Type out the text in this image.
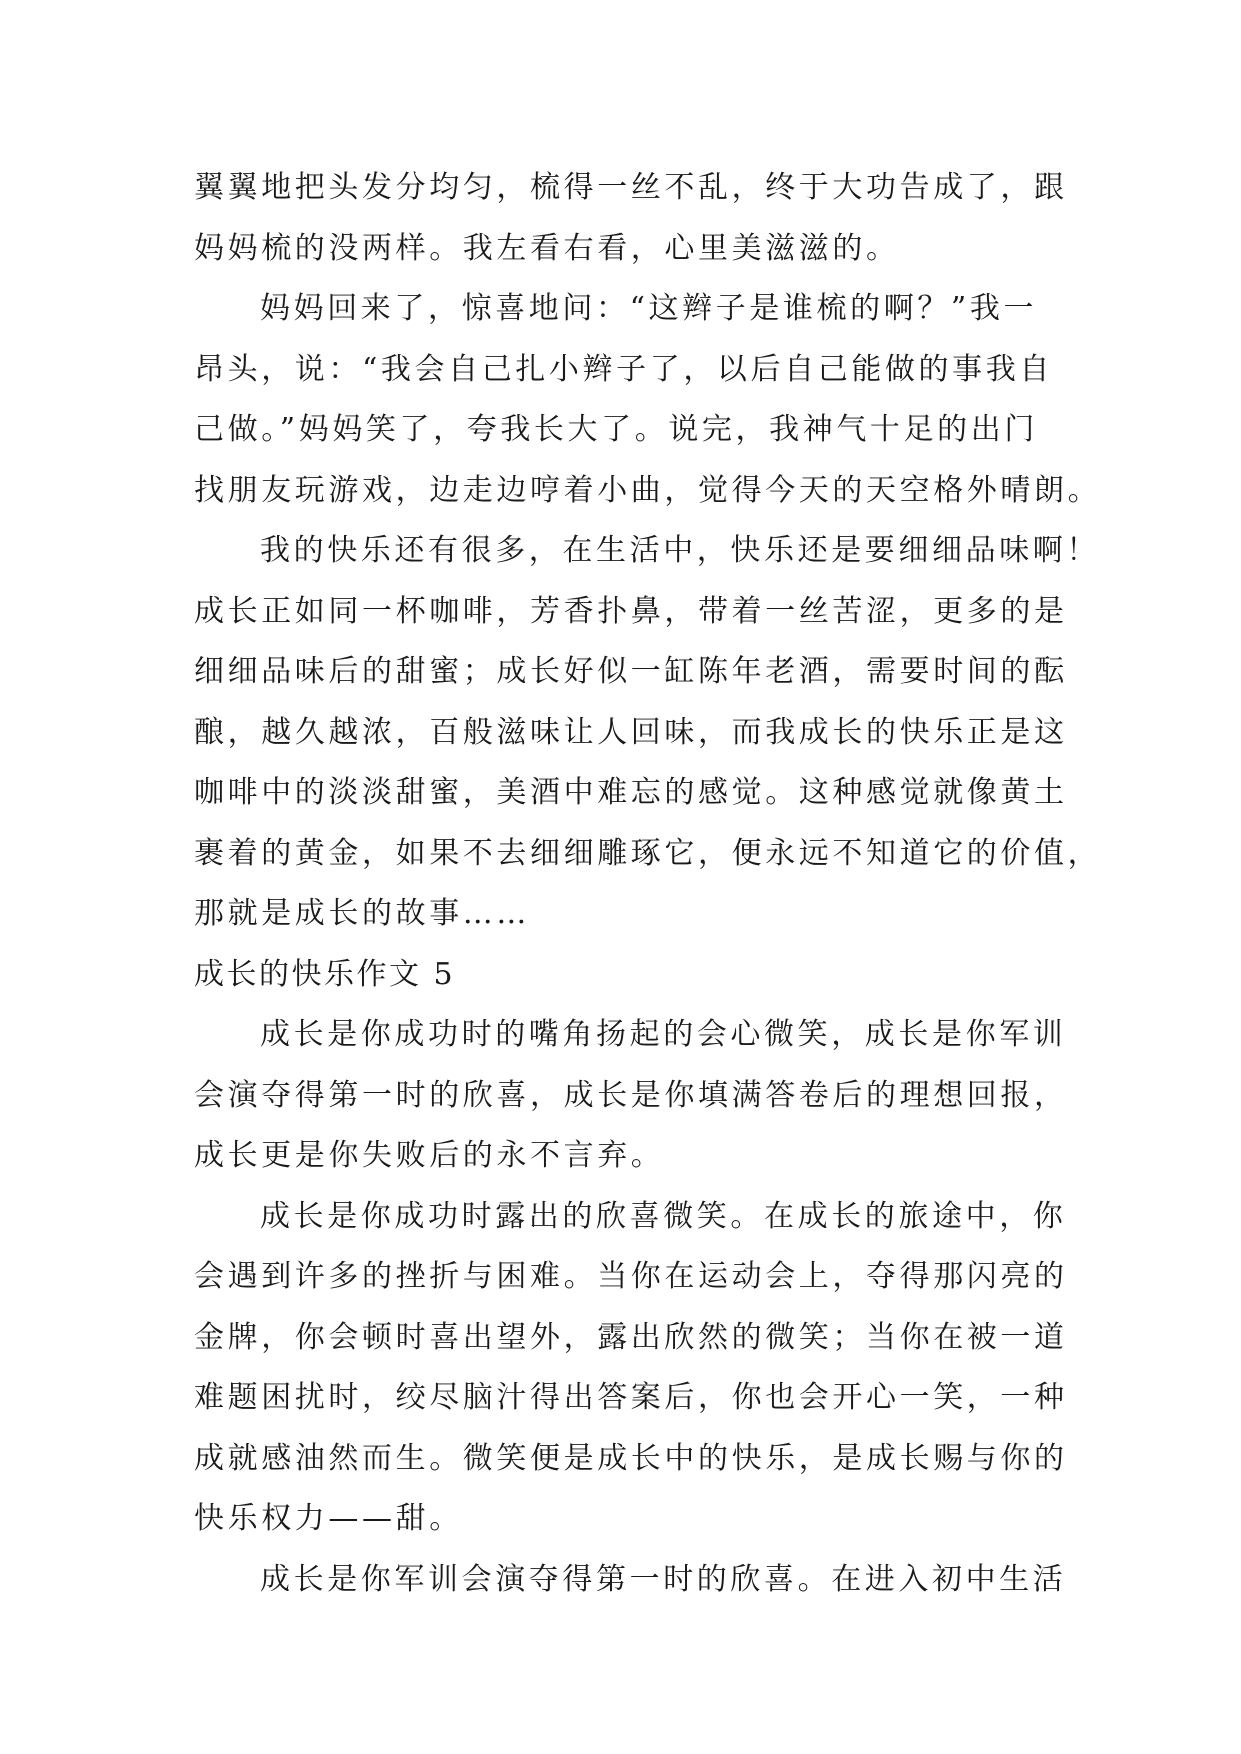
翼翼地把头发分均匀，梳得一丝不乱，终于大功告成了，跟
妈妈梳的没两样。我左看右看，心里美滋滋的。
妈妈回来了，惊喜地问：“这辫子是谁梳的啊？”我一
昂头，说：“我会自己扎小辫子了，以后自己能做的事我自
己做。”妈妈笑了，夸我长大了。说完，我神气十足的出门
找朋友玩游戏，边走边哼着小曲，觉得今天的天空格外晴朗。
我的快乐还有很多，在生活中，快乐还是要细细品味啊！
成长正如同一杯咖啡，芳香扑鼻，带着一丝苦涩，更多的是
细细品味后的甜蜜；成长好似一缸陈年老酒，需要时间的酝
酿，越久越浓，百般滋味让人回味，而我成长的快乐正是这
咖啡中的淡淡甜蜜，美酒中难忘的感觉。这种感觉就像黄土
裹着的黄金，如果不去细细雕琢它，便永远不知道它的价值，
那就是成长的故事……
成长的快乐作文 5
成长是你成功时的嘴角扬起的会心微笑，成长是你军训
会演夺得第一时的欣喜，成长是你填满答卷后的理想回报，
成长更是你失败后的永不言弃。
成长是你成功时露出的欣喜微笑。在成长的旅途中，你
会遇到许多的挫折与困难。当你在运动会上，夺得那闪亮的
金牌，你会顿时喜出望外，露出欣然的微笑；当你在被一道
难题困扰时，绞尽脑汁得出答案后，你也会开心一笑，一种
成就感油然而生。微笑便是成长中的快乐，是成长赐与你的
快乐权力——甜。
成长是你军训会演夺得第一时的欣喜。在进入初中生活
